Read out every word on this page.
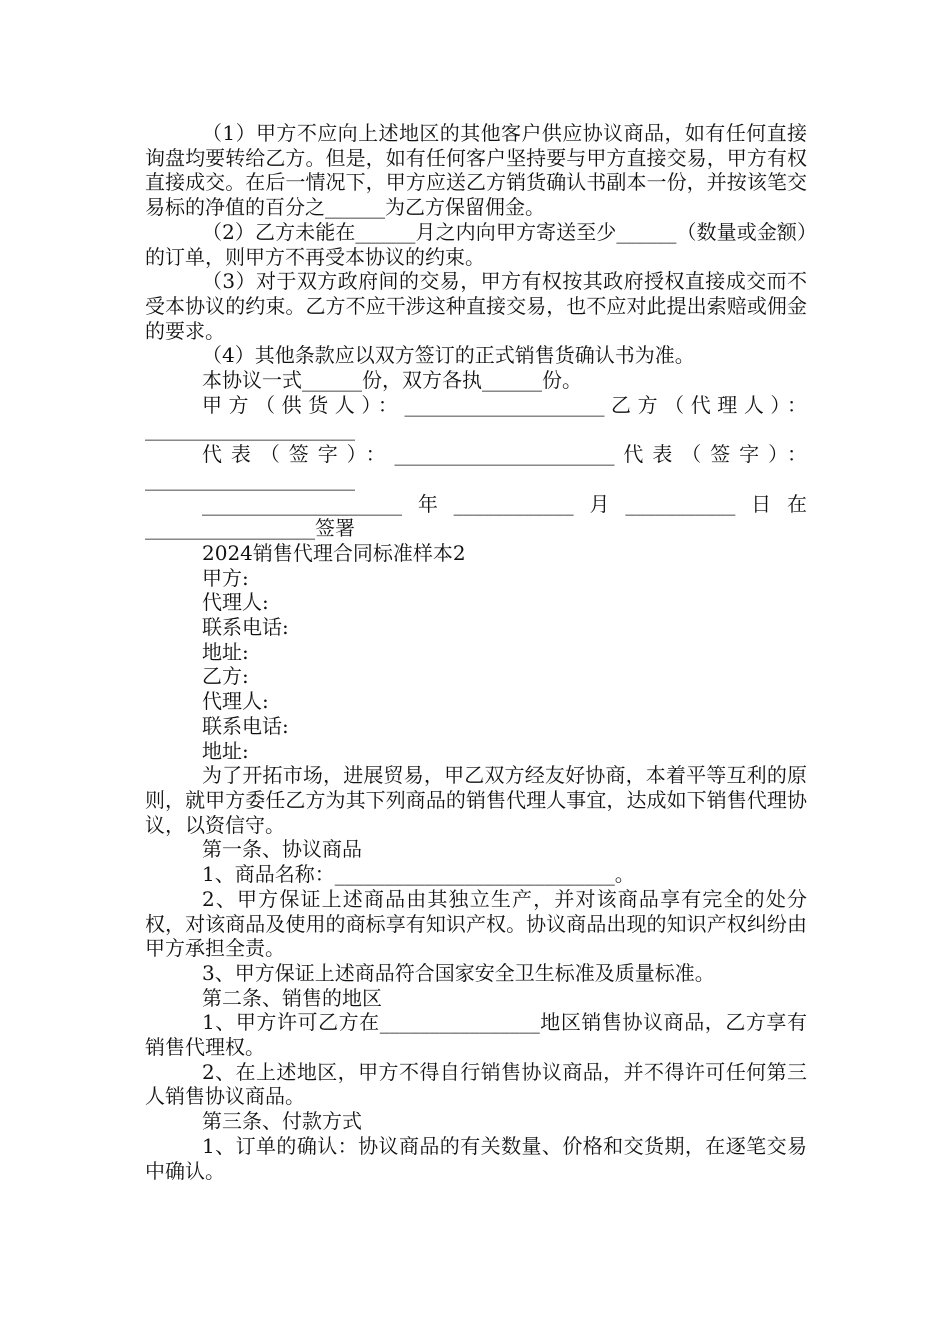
（1）甲方不应向上述地区的其他客户供应协议商品，如有任何直接询盘均要转给乙方。但是，如有任何客户坚持要与甲方直接交易，甲方有权直接成交。在后一情况下，甲方应送乙方销货确认书副本一份，并按该笔交易标的净值的百分之______为乙方保留佣金。

（2）乙方未能在______月之内向甲方寄送至少______（数量或金额）的订单，则甲方不再受本协议的约束。

（3）对于双方政府间的交易，甲方有权按其政府授权直接成交而不受本协议的约束。乙方不应干涉这种直接交易，也不应对此提出索赔或佣金的要求。

（4）其他条款应以双方签订的正式销售货确认书为准。

本协议一式______份，双方各执______份。

甲方（供货人）：____________________乙方（代理人）：_____________________

代表（签字）：______________________代表（签字）：_____________________

____________________年____________月___________日在_________________签署

2024销售代理合同标准样本2

甲方:

代理人:

联系电话:

地址:

乙方:

代理人:

联系电话:

地址:

为了开拓市场，进展贸易，甲乙双方经友好协商，本着平等互利的原则，就甲方委任乙方为其下列商品的销售代理人事宜，达成如下销售代理协议，以资信守。

第一条、协议商品

1、商品名称：____________________________。

2、甲方保证上述商品由其独立生产，并对该商品享有完全的处分权，对该商品及使用的商标享有知识产权。协议商品出现的知识产权纠纷由甲方承担全责。

3、甲方保证上述商品符合国家安全卫生标准及质量标准。

第二条、销售的地区

1、甲方许可乙方在________________地区销售协议商品，乙方享有销售代理权。

2、在上述地区，甲方不得自行销售协议商品，并不得许可任何第三人销售协议商品。

第三条、付款方式

1、订单的确认：协议商品的有关数量、价格和交货期，在逐笔交易中确认。
